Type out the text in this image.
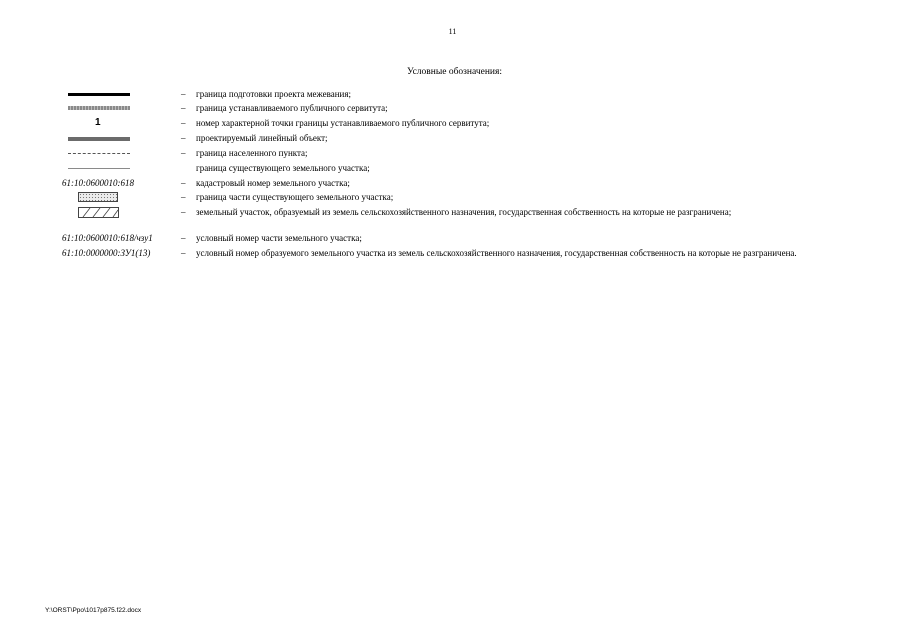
11
Условные обозначения:
– граница подготовки проекта межевания;
– граница устанавливаемого публичного сервитута;
1	– номер характерной точки границы устанавливаемого публичного сервитута;
– проектируемый линейный объект;
– граница населенного пункта;
граница существующего земельного участка;
61:10:0600010:618	– кадастровый номер земельного участка;
– граница части существующего земельного участка;
– земельный участок, образуемый из земель сельскохозяйственного назначения, государственная собственность на которые не разграничена;
61:10:0600010:618/чзу1	– условный номер части земельного участка;
61:10:0000000:ЗУ1(13)	– условный номер образуемого земельного участка из земель сельскохозяйственного назначения, государственная собственность на которые не разграничена.
Y:\ORST\Ppo\1017p875.f22.docx
